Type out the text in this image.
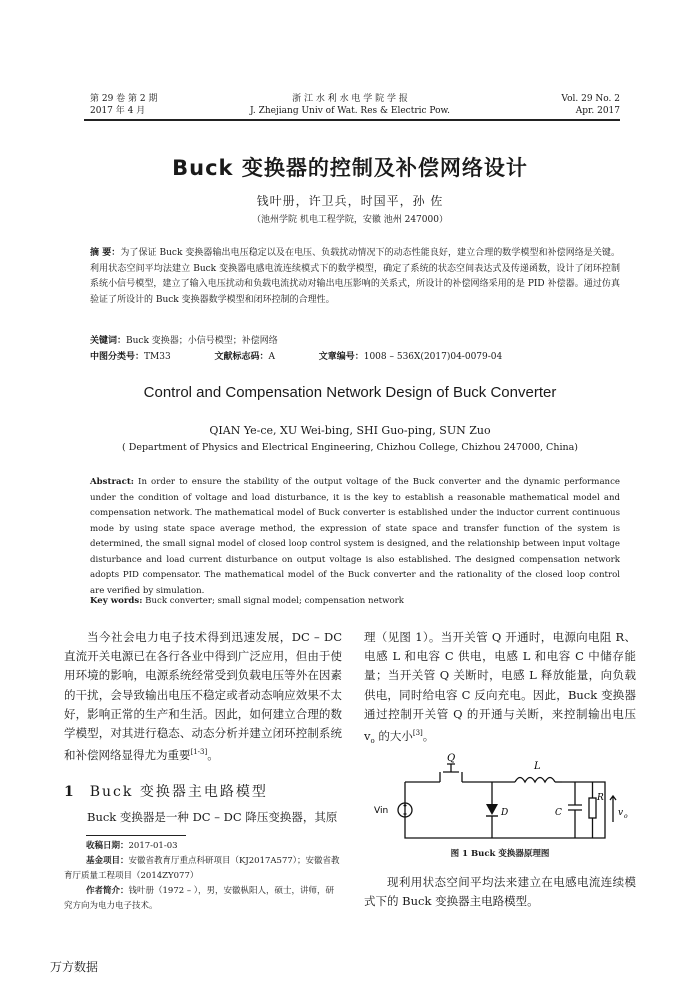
第 29 卷 第 2 期
2017 年 4 月
浙 江 水 利 水 电 学 院 学 报
J. Zhejiang Univ of Wat. Res & Electric Pow.
Vol. 29 No. 2
Apr. 2017
Buck 变换器的控制及补偿网络设计
钱叶册，许卫兵，时国平，孙 佐
（池州学院 机电工程学院，安徽 池州 247000）
摘 要：为了保证 Buck 变换器输出电压稳定以及在电压、负载扰动情况下的动态性能良好，建立合理的数学模型和补偿网络是关键。利用状态空间平均法建立 Buck 变换器电感电流连续模式下的数学模型，确定了系统的状态空间表达式及传递函数，设计了闭环控制系统小信号模型，建立了输入电压扰动和负载电流扰动对输出电压影响的关系式，所设计的补偿网络采用的是 PID 补偿器。通过仿真验证了所设计的 Buck 变换器数学模型和闭环控制的合理性。
关键词：Buck 变换器；小信号模型；补偿网络
中图分类号：TM33	文献标志码：A	文章编号：1008 – 536X(2017)04-0079-04
Control and Compensation Network Design of Buck Converter
QIAN Ye-ce, XU Wei-bing, SHI Guo-ping, SUN Zuo
( Department of Physics and Electrical Engineering, Chizhou College, Chizhou 247000, China)
Abstract: In order to ensure the stability of the output voltage of the Buck converter and the dynamic performance under the condition of voltage and load disturbance, it is the key to establish a reasonable mathematical model and compensation network. The mathematical model of Buck converter is established under the inductor current continuous mode by using state space average method, the expression of state space and transfer function of the system is determined, the small signal model of closed loop control system is designed, and the relationship between input voltage disturbance and load current disturbance on output voltage is also established. The designed compensation network adopts PID compensator. The mathematical model of the Buck converter and the rationality of the closed loop control are verified by simulation.
Key words: Buck converter; small signal model; compensation network
当今社会电力电子技术得到迅速发展，DC – DC 直流开关电源已在各行各业中得到广泛应用，但由于使用环境的影响，电源系统经常受到负载电压等外在因素的干扰，会导致输出电压不稳定或者动态响应效果不太好，影响正常的生产和生活。因此，如何建立合理的数学模型，对其进行稳态、动态分析并建立闭环控制系统和补偿网络显得尤为重要[1-3]。
1 Buck 变换器主电路模型
Buck 变换器是一种 DC – DC 降压变换器，其原
收稿日期：2017-01-03
基金项目：安徽省教育厅重点科研项目（KJ2017A577）；安徽省教育厅质量工程项目（2014ZY077）
作者简介：钱叶册（1972 – ），男，安徽枞阳人，硕士，讲师，研究方向为电力电子技术。
理（见图 1）。当开关管 Q 开通时，电源向电阻 R、电感 L 和电容 C 供电，电感 L 和电容 C 中储存能量；当开关管 Q 关断时，电感 L 释放能量，向负载供电，同时给电容 C 反向充电。因此，Buck 变换器通过控制开关管 Q 的开通与关断，来控制输出电压 $v_o$ 的大小[3]。
Q
L
Vin	D	C
R
v o
图 1 Buck 变换器原理图
现利用状态空间平均法来建立在电感电流连续模式下的 Buck 变换器主电路模型。
万方数据
